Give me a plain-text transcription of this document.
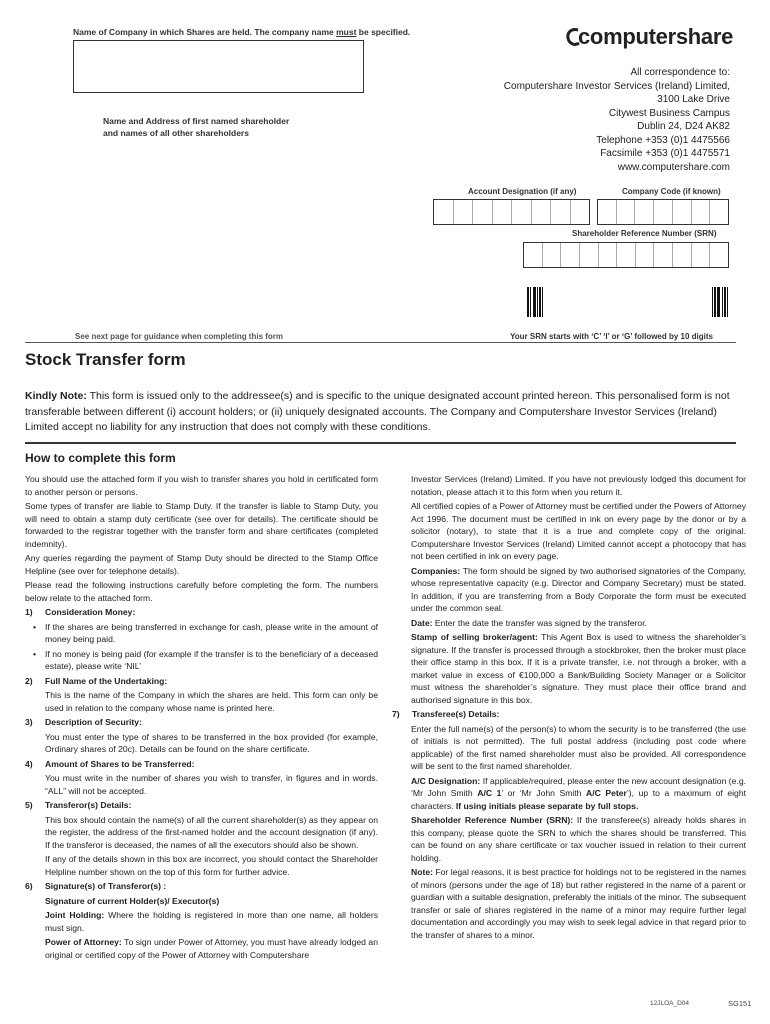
Name of Company in which Shares are held. The company name must be specified.
Name and Address of first named shareholder
and names of all other shareholders
computershare
All correspondence to:
Computershare Investor Services (Ireland) Limited,
3100 Lake Drive
Citywest Business Campus
Dublin 24, D24 AK82
Telephone +353 (0)1 4475566
Facsimile +353 (0)1 4475571
www.computershare.com
Account Designation (if any)	Company Code (if known)
Shareholder Reference Number (SRN)
See next page for guidance when completing this form	Your SRN starts with ‘C’ ‘I’ or ‘G’ followed by 10 digits
Stock Transfer form
Kindly Note: This form is issued only to the addressee(s) and is specific to the unique designated account printed hereon. This personalised form is not transferable between different (i) account holders; or (ii) uniquely designated accounts. The Company and Computershare Investor Services (Ireland) Limited accept no liability for any instruction that does not comply with these conditions.
How to complete this form

You should use the attached form if you wish to transfer shares you hold in certificated form to another person or persons.

Some types of transfer are liable to Stamp Duty. If the transfer is liable to Stamp Duty, you will need to obtain a stamp duty certificate (see over for details). The certificate should be forwarded to the registrar together with the transfer form and share certificates (completed indemnity).

Any queries regarding the payment of Stamp Duty should be directed to the Stamp Office Helpline (see over for telephone details).

Please read the following instructions carefully before completing the form. The numbers below relate to the attached form.

1)	Consideration Money:
•	If the shares are being transferred in exchange for cash, please write in the amount of money being paid.

•	If no money is being paid (for example if the transfer is to the beneficiary of a deceased estate), please write ‘NIL’

2)	Full Name of the Undertaking:

This is the name of the Company in which the shares are held. This form can only be used in relation to the company whose name is printed here.

3)	Description of Security:

You must enter the type of shares to be transferred in the box provided (for example, Ordinary shares of 20c). Details can be found on the share certificate.

4)	Amount of Shares to be Transferred:

You must write in the number of shares you wish to transfer, in figures and in words. “ALL” will not be accepted.

5)	Transferor(s) Details:

This box should contain the name(s) of all the current shareholder(s) as they appear on the register, the address of the first-named holder and the account designation (if any). If the transferor is deceased, the names of all the executors should also be shown.

If any of the details shown in this box are incorrect, you should contact the Shareholder Helpline number shown on the top of this form for further advice.

6)	Signature(s) of Transferor(s) :

Signature of current Holder(s)/ Executor(s)

Joint Holding: Where the holding is registered in more than one name, all holders must sign.

Power of Attorney: To sign under Power of Attorney, you must have already lodged an original or certified copy of the Power of Attorney with Computershare

Investor Services (Ireland) Limited. If you have not previously lodged this document for notation, please attach it to this form when you return it.

All certified copies of a Power of Attorney must be certified under the Powers of Attorney Act 1996. The document must be certified in ink on every page by the donor or by a solicitor (notary), to state that it is a true and complete copy of the original. Computershare Investor Services (Ireland) Limited cannot accept a photocopy that has not been certified in ink on every page.

Companies: The form should be signed by two authorised signatories of the Company, whose representative capacity (e.g. Director and Company Secretary) must be stated. In addition, if you are transferring from a Body Corporate the form must be executed under the common seal.

Date: Enter the date the transfer was signed by the transferor.

Stamp of selling broker/agent: This Agent Box is used to witness the shareholder’s signature. If the transfer is processed through a stockbroker, then the broker must place their office stamp in this box. If it is a private transfer, i.e. not through a broker, with a market value in excess of €100,000 a Bank/Building Society Manager or a Solicitor must witness the shareholder’s signature. They must place their office brand and authorised signature in this box.

7)	Transferee(s) Details:

Enter the full name(s) of the person(s) to whom the security is to be transferred (the use of initials is not permitted). The full postal address (including post code where applicable) of the first named shareholder must also be provided. All correspondence will be sent to the first named shareholder.

A/C Designation: If applicable/required, please enter the new account designation (e.g. ‘Mr John Smith A/C 1’ or ‘Mr John Smith A/C Peter’), up to a maximum of eight characters. If using initials please separate by full stops.

Shareholder Reference Number (SRN): If the transferee(s) already holds shares in this company, please quote the SRN to which the shares should be transferred. This can be found on any share certificate or tax voucher issued in relation to their current holding.

Note: For legal reasons, it is best practice for holdings not to be registered in the names of minors (persons under the age of 18) but rather registered in the name of a parent or guardian with a suitable designation, preferably the initials of the minor. The subsequent transfer or sale of shares registered in the name of a minor may require further legal documentation and accordingly you may wish to seek legal advice in that regard prior to the transfer of shares to a minor.

12JLOA_D04	SG151
